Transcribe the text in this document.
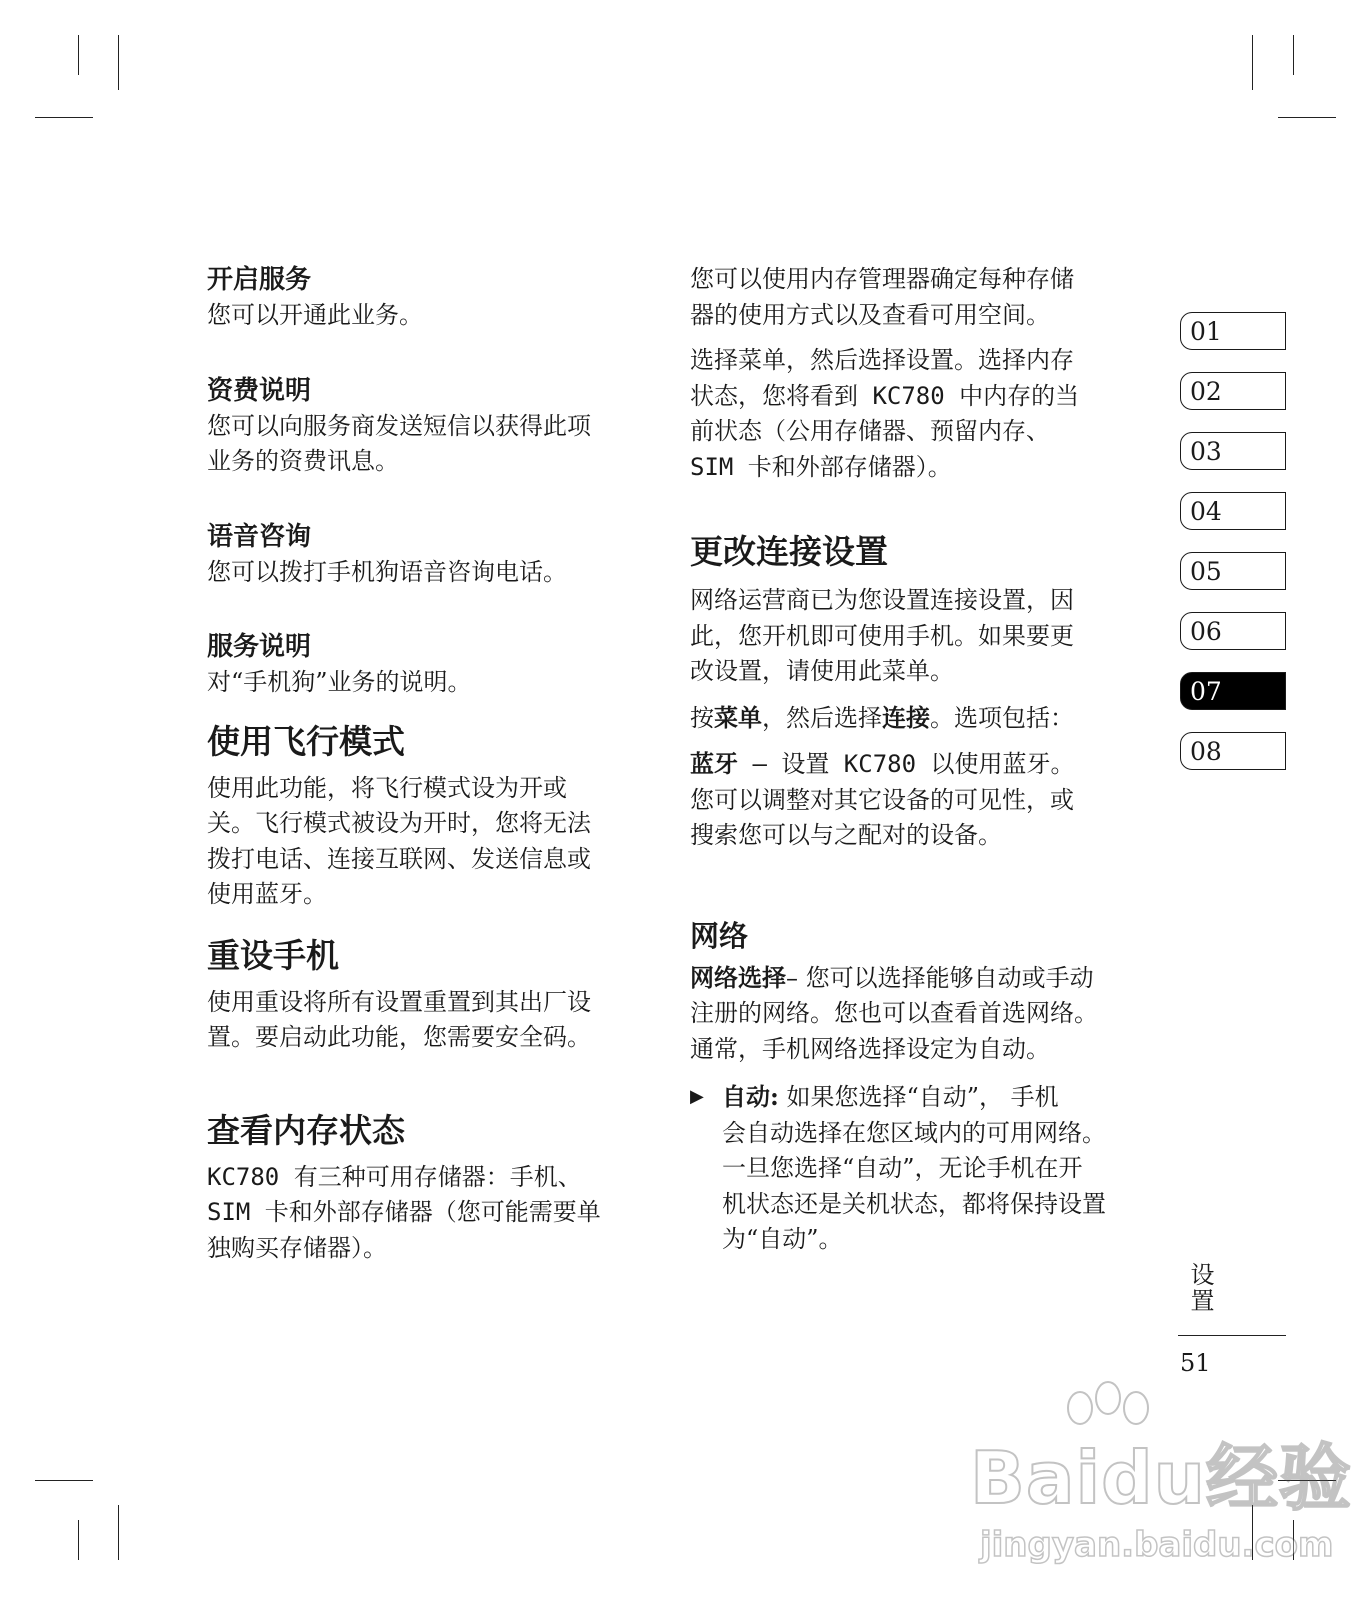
开启服务

您可以开通此业务。

资费说明

您可以向服务商发送短信以获得此项

业务的资费讯息。

语音咨询

您可以拨打手机狗语音咨询电话。

服务说明

对“手机狗”业务的说明。

使用飞行模式

使用此功能，将飞行模式设为开或

关。飞行模式被设为开时，您将无法

拨打电话、连接互联网、发送信息或

使用蓝牙。

重设手机

使用重设将所有设置重置到其出厂设

置。要启动此功能，您需要安全码。

查看内存状态

KC780 有三种可用存储器：手机、

SIM 卡和外部存储器（您可能需要单

独购买存储器）。

您可以使用内存管理器确定每种存储

器的使用方式以及查看可用空间。

选择菜单，然后选择设置。选择内存

状态，您将看到 KC780 中内存的当

前状态（公用存储器、预留内存、

SIM 卡和外部存储器）。

更改连接设置

网络运营商已为您设置连接设置，因

此，您开机即可使用手机。如果要更

改设置，请使用此菜单。

按菜单，然后选择连接。选项包括：

蓝牙 – 设置 KC780 以使用蓝牙。

您可以调整对其它设备的可见性，或

搜索您可以与之配对的设备。

网络

网络选择– 您可以选择能够自动或手动

注册的网络。您也可以查看首选网络。

通常，手机网络选择设定为自动。

▶ 自动: 如果您选择“自动”， 手机

会自动选择在您区域内的可用网络。

一旦您选择“自动”，无论手机在开

机状态还是关机状态，都将保持设置

为“自动”。

01
02
03
04
05
06
07
08
设置
51
Baidu经验
jingyan.baidu.com
